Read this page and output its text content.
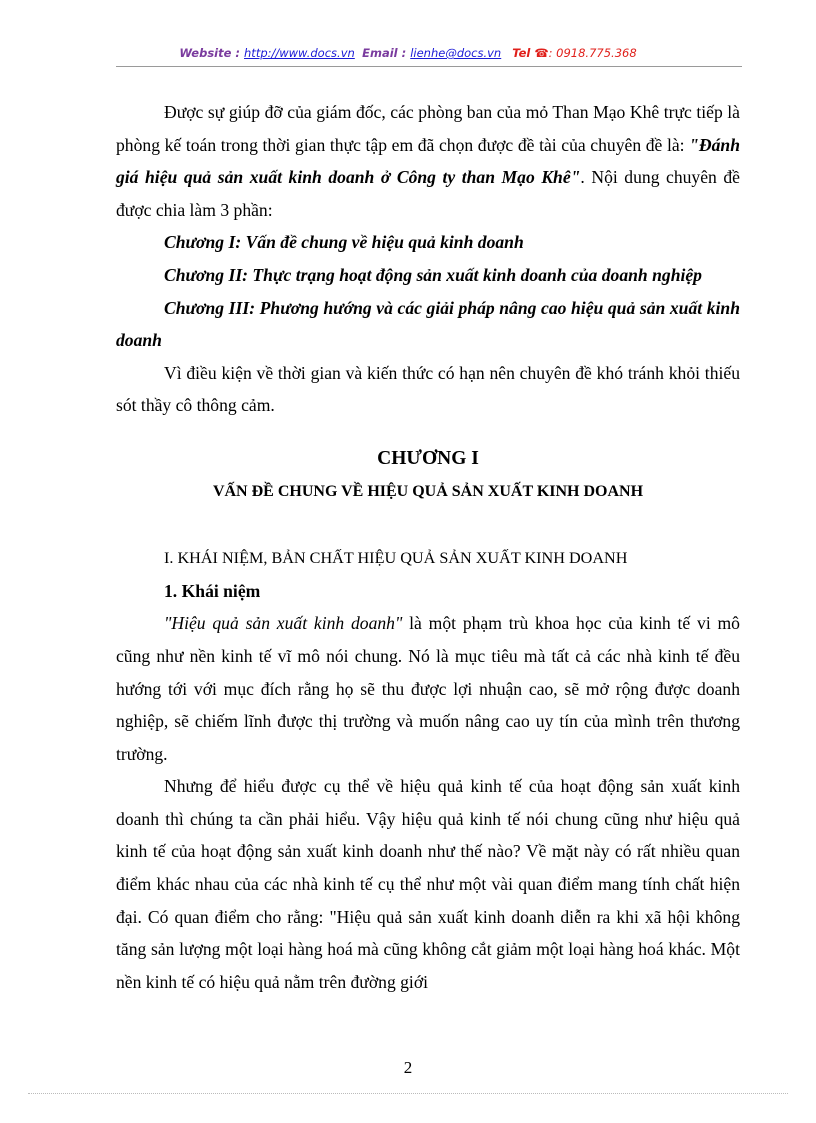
Website : http://www.docs.vn Email : lienhe@docs.vn Tel ☎: 0918.775.368

Được sự giúp đỡ của giám đốc, các phòng ban của mỏ Than Mạo Khê trực tiếp là phòng kế toán trong thời gian thực tập em đã chọn được đề tài của chuyên đề là: "Đánh giá hiệu quả sản xuất kinh doanh ở Công ty than Mạo Khê". Nội dung chuyên đề được chia làm 3 phần:

Chương I: Vấn đề chung về hiệu quả kinh doanh

Chương II: Thực trạng hoạt động sản xuất kinh doanh của doanh nghiệp

Chương III: Phương hướng và các giải pháp nâng cao hiệu quả sản xuất kinh doanh

Vì điều kiện về thời gian và kiến thức có hạn nên chuyên đề khó tránh khỏi thiếu sót thầy cô thông cảm.

CHƯƠNG I

VẤN ĐỀ CHUNG VỀ HIỆU QUẢ SẢN XUẤT KINH DOANH

I. KHÁI NIỆM, BẢN CHẤT HIỆU QUẢ SẢN XUẤT KINH DOANH

1. Khái niệm

"Hiệu quả sản xuất kinh doanh" là một phạm trù khoa học của kinh tế vi mô cũng như nền kinh tế vĩ mô nói chung. Nó là mục tiêu mà tất cả các nhà kinh tế đều hướng tới với mục đích rằng họ sẽ thu được lợi nhuận cao, sẽ mở rộng được doanh nghiệp, sẽ chiếm lĩnh được thị trường và muốn nâng cao uy tín của mình trên thương trường.

Nhưng để hiểu được cụ thể về hiệu quả kinh tế của hoạt động sản xuất kinh doanh thì chúng ta cần phải hiểu. Vậy hiệu quả kinh tế nói chung cũng như hiệu quả kinh tế của hoạt động sản xuất kinh doanh như thế nào? Về mặt này có rất nhiều quan điểm khác nhau của các nhà kinh tế cụ thể như một vài quan điểm mang tính chất hiện đại. Có quan điểm cho rằng: "Hiệu quả sản xuất kinh doanh diễn ra khi xã hội không tăng sản lượng một loại hàng hoá mà cũng không cắt giảm một loại hàng hoá khác. Một nền kinh tế có hiệu quả nằm trên đường giới

2
